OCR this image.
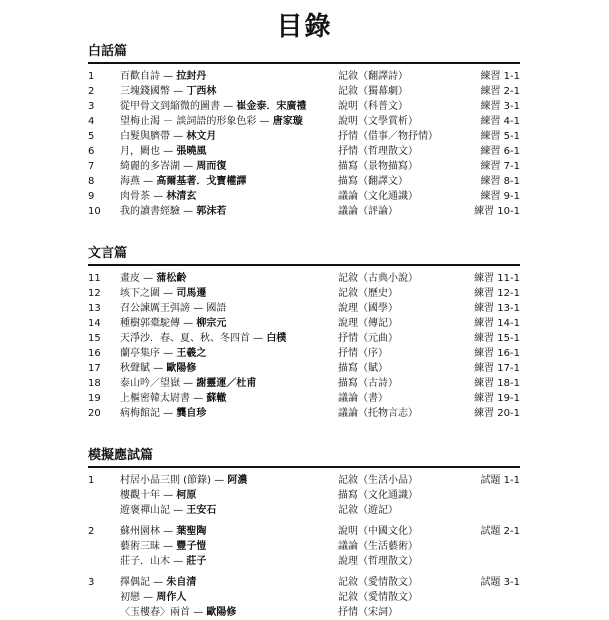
目錄
白話篇
1	百歡自詩 — 拉封丹	記敘（翻譯詩）	練習 1-1
2	三塊錢國幣 — 丁西林	記敘（獨幕劇）	練習 2-1
3	從甲骨文到縮微的圖書 — 崔金泰．宋廣禮	說明（科普文）	練習 3-1
4	望梅止渴 － 談詞語的形象色彩 — 唐家璇	說明（文學賞析）	練習 4-1
5	白髮與臍帶 — 林文月	抒情（借事／物抒情）	練習 5-1
6	月，闕也 — 張曉風	抒情（哲理散文）	練習 6-1
7	綺麗的多峇湖 — 周而復	描寫（景物描寫）	練習 7-1
8	海燕 — 高爾基著．戈寶權譯	描寫（翻譯文）	練習 8-1
9	肉骨茶 — 林清玄	議論（文化通識）	練習 9-1
10 我的讀書經驗 — 郭沫若	議論（評論）	練習 10-1
文言篇
11 畫皮 — 蒲松齡	記敘（古典小說）	練習 11-1
12 垓下之圍 — 司馬遷	記敘（歷史）	練習 12-1
13 召公諫厲王弭謗 — 國語	說理（國學）	練習 13-1
14 種樹郭橐駝傳 — 柳宗元	說理（傳記）	練習 14-1
15 天淨沙．春、夏、秋、冬四首 — 白樸	抒情（元曲）	練習 15-1
16 蘭亭集序 — 王羲之	抒情（序）	練習 16-1
17 秋聲賦 — 歐陽修	描寫（賦）	練習 17-1
18 泰山吟／望嶽 — 謝靈運／杜甫	描寫（古詩）	練習 18-1
19 上樞密韓太尉書 — 蘇轍	議論（書）	練習 19-1
20 病梅館記 — 龔自珍	議論（托物言志）	練習 20-1
模擬應試篇
1	村居小品三則 (節錄) — 阿濃	記敘（生活小品）	試題 1-1
樓觀十年 — 柯原	描寫（文化通識）
遊褒禪山記 — 王安石	記敘（遊記）
2	蘇州園林 — 葉聖陶	說明（中國文化）	試題 2-1
藝術三昧 — 豐子愷	議論（生活藝術）
莊子．山木 — 莊子	說理（哲理散文）
3	擇偶記 — 朱自清	記敘（愛情散文）	試題 3-1
初戀 — 周作人	記敘（愛情散文）
〈玉樓春〉兩首 — 歐陽修	抒情（宋詞）
